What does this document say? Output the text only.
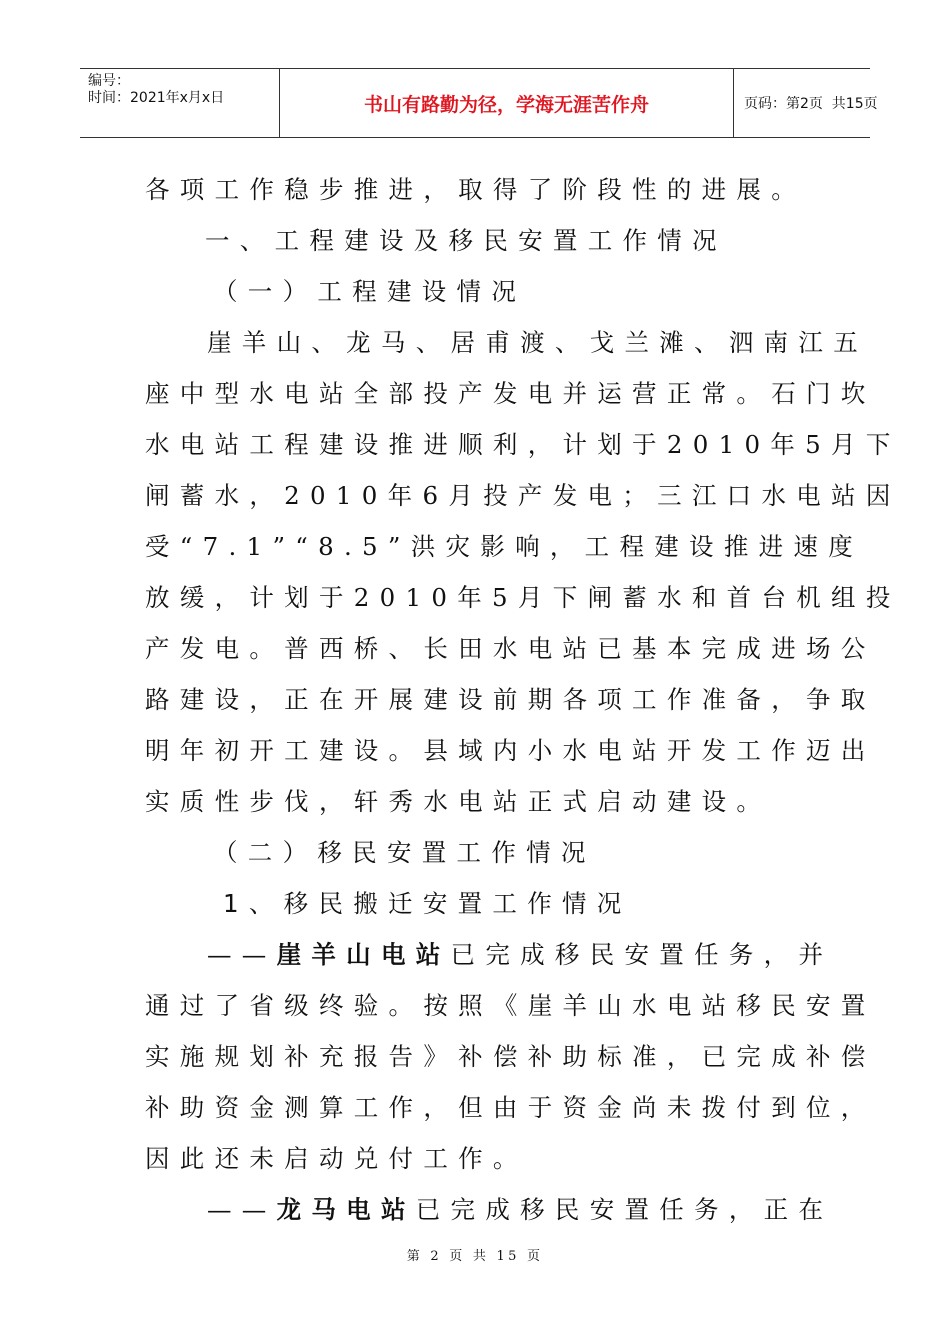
编号：
时间：2021年x月x日	书山有路勤为径，学海无涯苦作舟	页码：第2页  共15页
各项工作稳步推进，取得了阶段性的进展。
一、工程建设及移民安置工作情况
（一）工程建设情况
崖羊山、龙马、居甫渡、戈兰滩、泗南江五
座中型水电站全部投产发电并运营正常。石门坎
水电站工程建设推进顺利，计划于2010年5月下
闸蓄水，2010年6月投产发电；三江口水电站因
受“7.1”“8.5”洪灾影响，工程建设推进速度
放缓，计划于2010年5月下闸蓄水和首台机组投
产发电。普西桥、长田水电站已基本完成进场公
路建设，正在开展建设前期各项工作准备，争取
明年初开工建设。县域内小水电站开发工作迈出
实质性步伐，轩秀水电站正式启动建设。
（二）移民安置工作情况
1、移民搬迁安置工作情况
——崖羊山电站已完成移民安置任务，并
通过了省级终验。按照《崖羊山水电站移民安置
实施规划补充报告》补偿补助标准，已完成补偿
补助资金测算工作，但由于资金尚未拨付到位，
因此还未启动兑付工作。
——龙马电站已完成移民安置任务，正在
第 2 页 共 15 页
